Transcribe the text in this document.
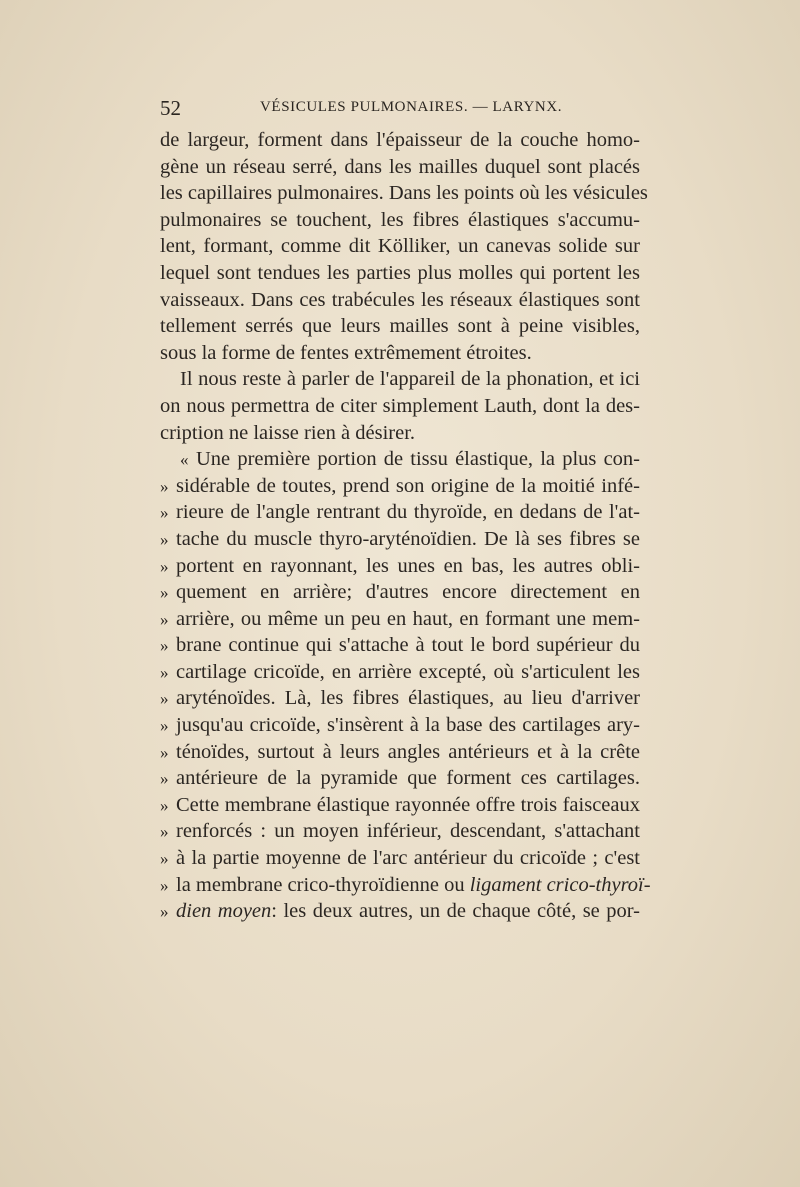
52	VÉSICULES PULMONAIRES. — LARYNX.
de largeur, forment dans l'épaisseur de la couche homo-
gène un réseau serré, dans les mailles duquel sont placés
les capillaires pulmonaires. Dans les points où les vésicules
pulmonaires se touchent, les fibres élastiques s'accumu-
lent, formant, comme dit Kölliker, un canevas solide sur
lequel sont tendues les parties plus molles qui portent les
vaisseaux. Dans ces trabécules les réseaux élastiques sont
tellement serrés que leurs mailles sont à peine visibles,
sous la forme de fentes extrêmement étroites.
Il nous reste à parler de l'appareil de la phonation, et ici
on nous permettra de citer simplement Lauth, dont la des-
cription ne laisse rien à désirer.
« Une première portion de tissu élastique, la plus con-
» sidérable de toutes, prend son origine de la moitié infé-
» rieure de l'angle rentrant du thyroïde, en dedans de l'at-
» tache du muscle thyro-aryténoïdien. De là ses fibres se
» portent en rayonnant, les unes en bas, les autres obli-
» quement en arrière; d'autres encore directement en
» arrière, ou même un peu en haut, en formant une mem-
» brane continue qui s'attache à tout le bord supérieur du
» cartilage cricoïde, en arrière excepté, où s'articulent les
» aryténoïdes. Là, les fibres élastiques, au lieu d'arriver
» jusqu'au cricoïde, s'insèrent à la base des cartilages ary-
» ténoïdes, surtout à leurs angles antérieurs et à la crête
» antérieure de la pyramide que forment ces cartilages.
» Cette membrane élastique rayonnée offre trois faisceaux
» renforcés : un moyen inférieur, descendant, s'attachant
» à la partie moyenne de l'arc antérieur du cricoïde ; c'est
» la membrane crico-thyroïdienne ou ligament crico-thyroï-
» dien moyen: les deux autres, un de chaque côté, se por-
